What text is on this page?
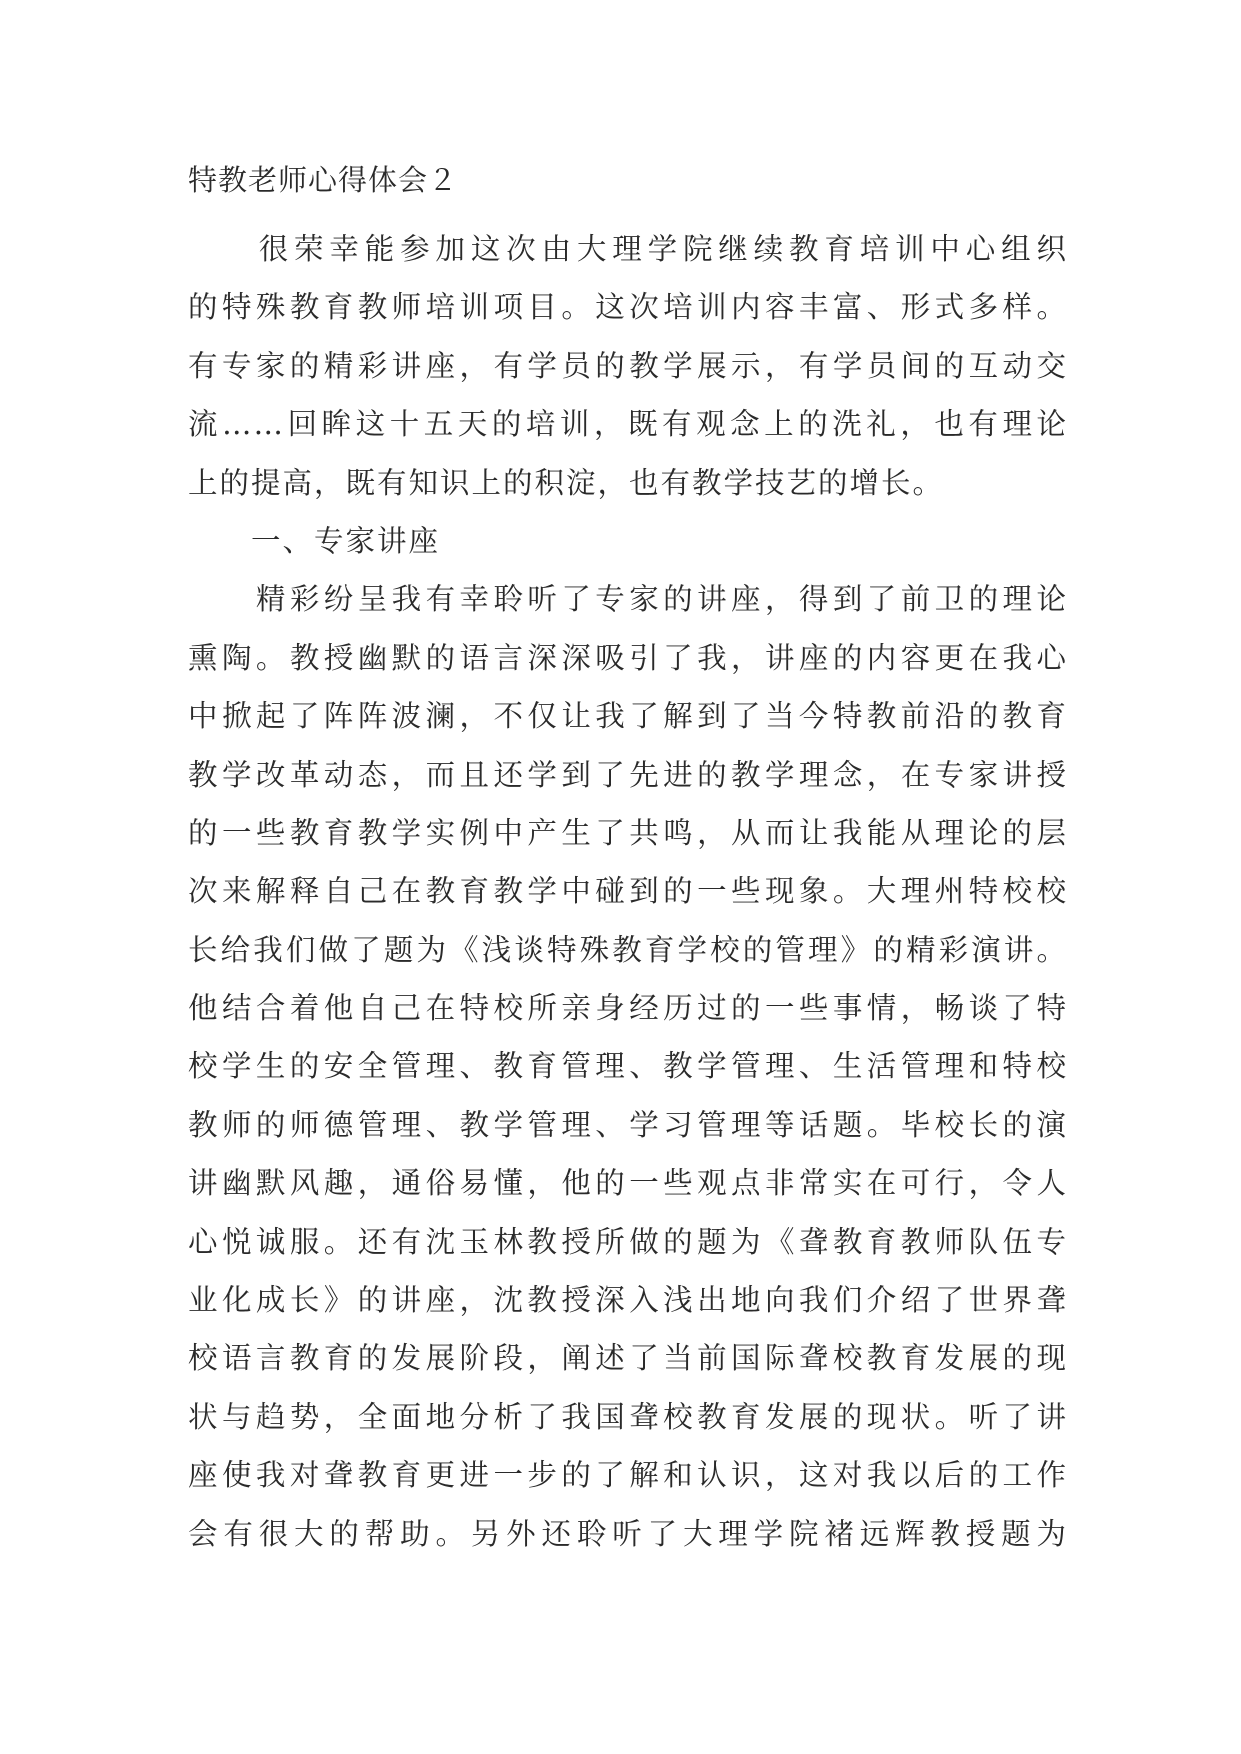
特教老师心得体会２

　　很荣幸能参加这次由大理学院继续教育培训中心组织
的特殊教育教师培训项目。这次培训内容丰富、形式多样。
有专家的精彩讲座，有学员的教学展示，有学员间的互动交
流……回眸这十五天的培训，既有观念上的洗礼，也有理论
上的提高，既有知识上的积淀，也有教学技艺的增长。

　　一、专家讲座

　　精彩纷呈我有幸聆听了专家的讲座，得到了前卫的理论
熏陶。教授幽默的语言深深吸引了我，讲座的内容更在我心
中掀起了阵阵波澜，不仅让我了解到了当今特教前沿的教育
教学改革动态，而且还学到了先进的教学理念，在专家讲授
的一些教育教学实例中产生了共鸣，从而让我能从理论的层
次来解释自己在教育教学中碰到的一些现象。大理州特校校
长给我们做了题为《浅谈特殊教育学校的管理》的精彩演讲。
他结合着他自己在特校所亲身经历过的一些事情，畅谈了特
校学生的安全管理、教育管理、教学管理、生活管理和特校
教师的师德管理、教学管理、学习管理等话题。毕校长的演
讲幽默风趣，通俗易懂，他的一些观点非常实在可行，令人
心悦诚服。还有沈玉林教授所做的题为《聋教育教师队伍专
业化成长》的讲座，沈教授深入浅出地向我们介绍了世界聋
校语言教育的发展阶段，阐述了当前国际聋校教育发展的现
状与趋势，全面地分析了我国聋校教育发展的现状。听了讲
座使我对聋教育更进一步的了解和认识，这对我以后的工作
会有很大的帮助。另外还聆听了大理学院褚远辉教授题为
